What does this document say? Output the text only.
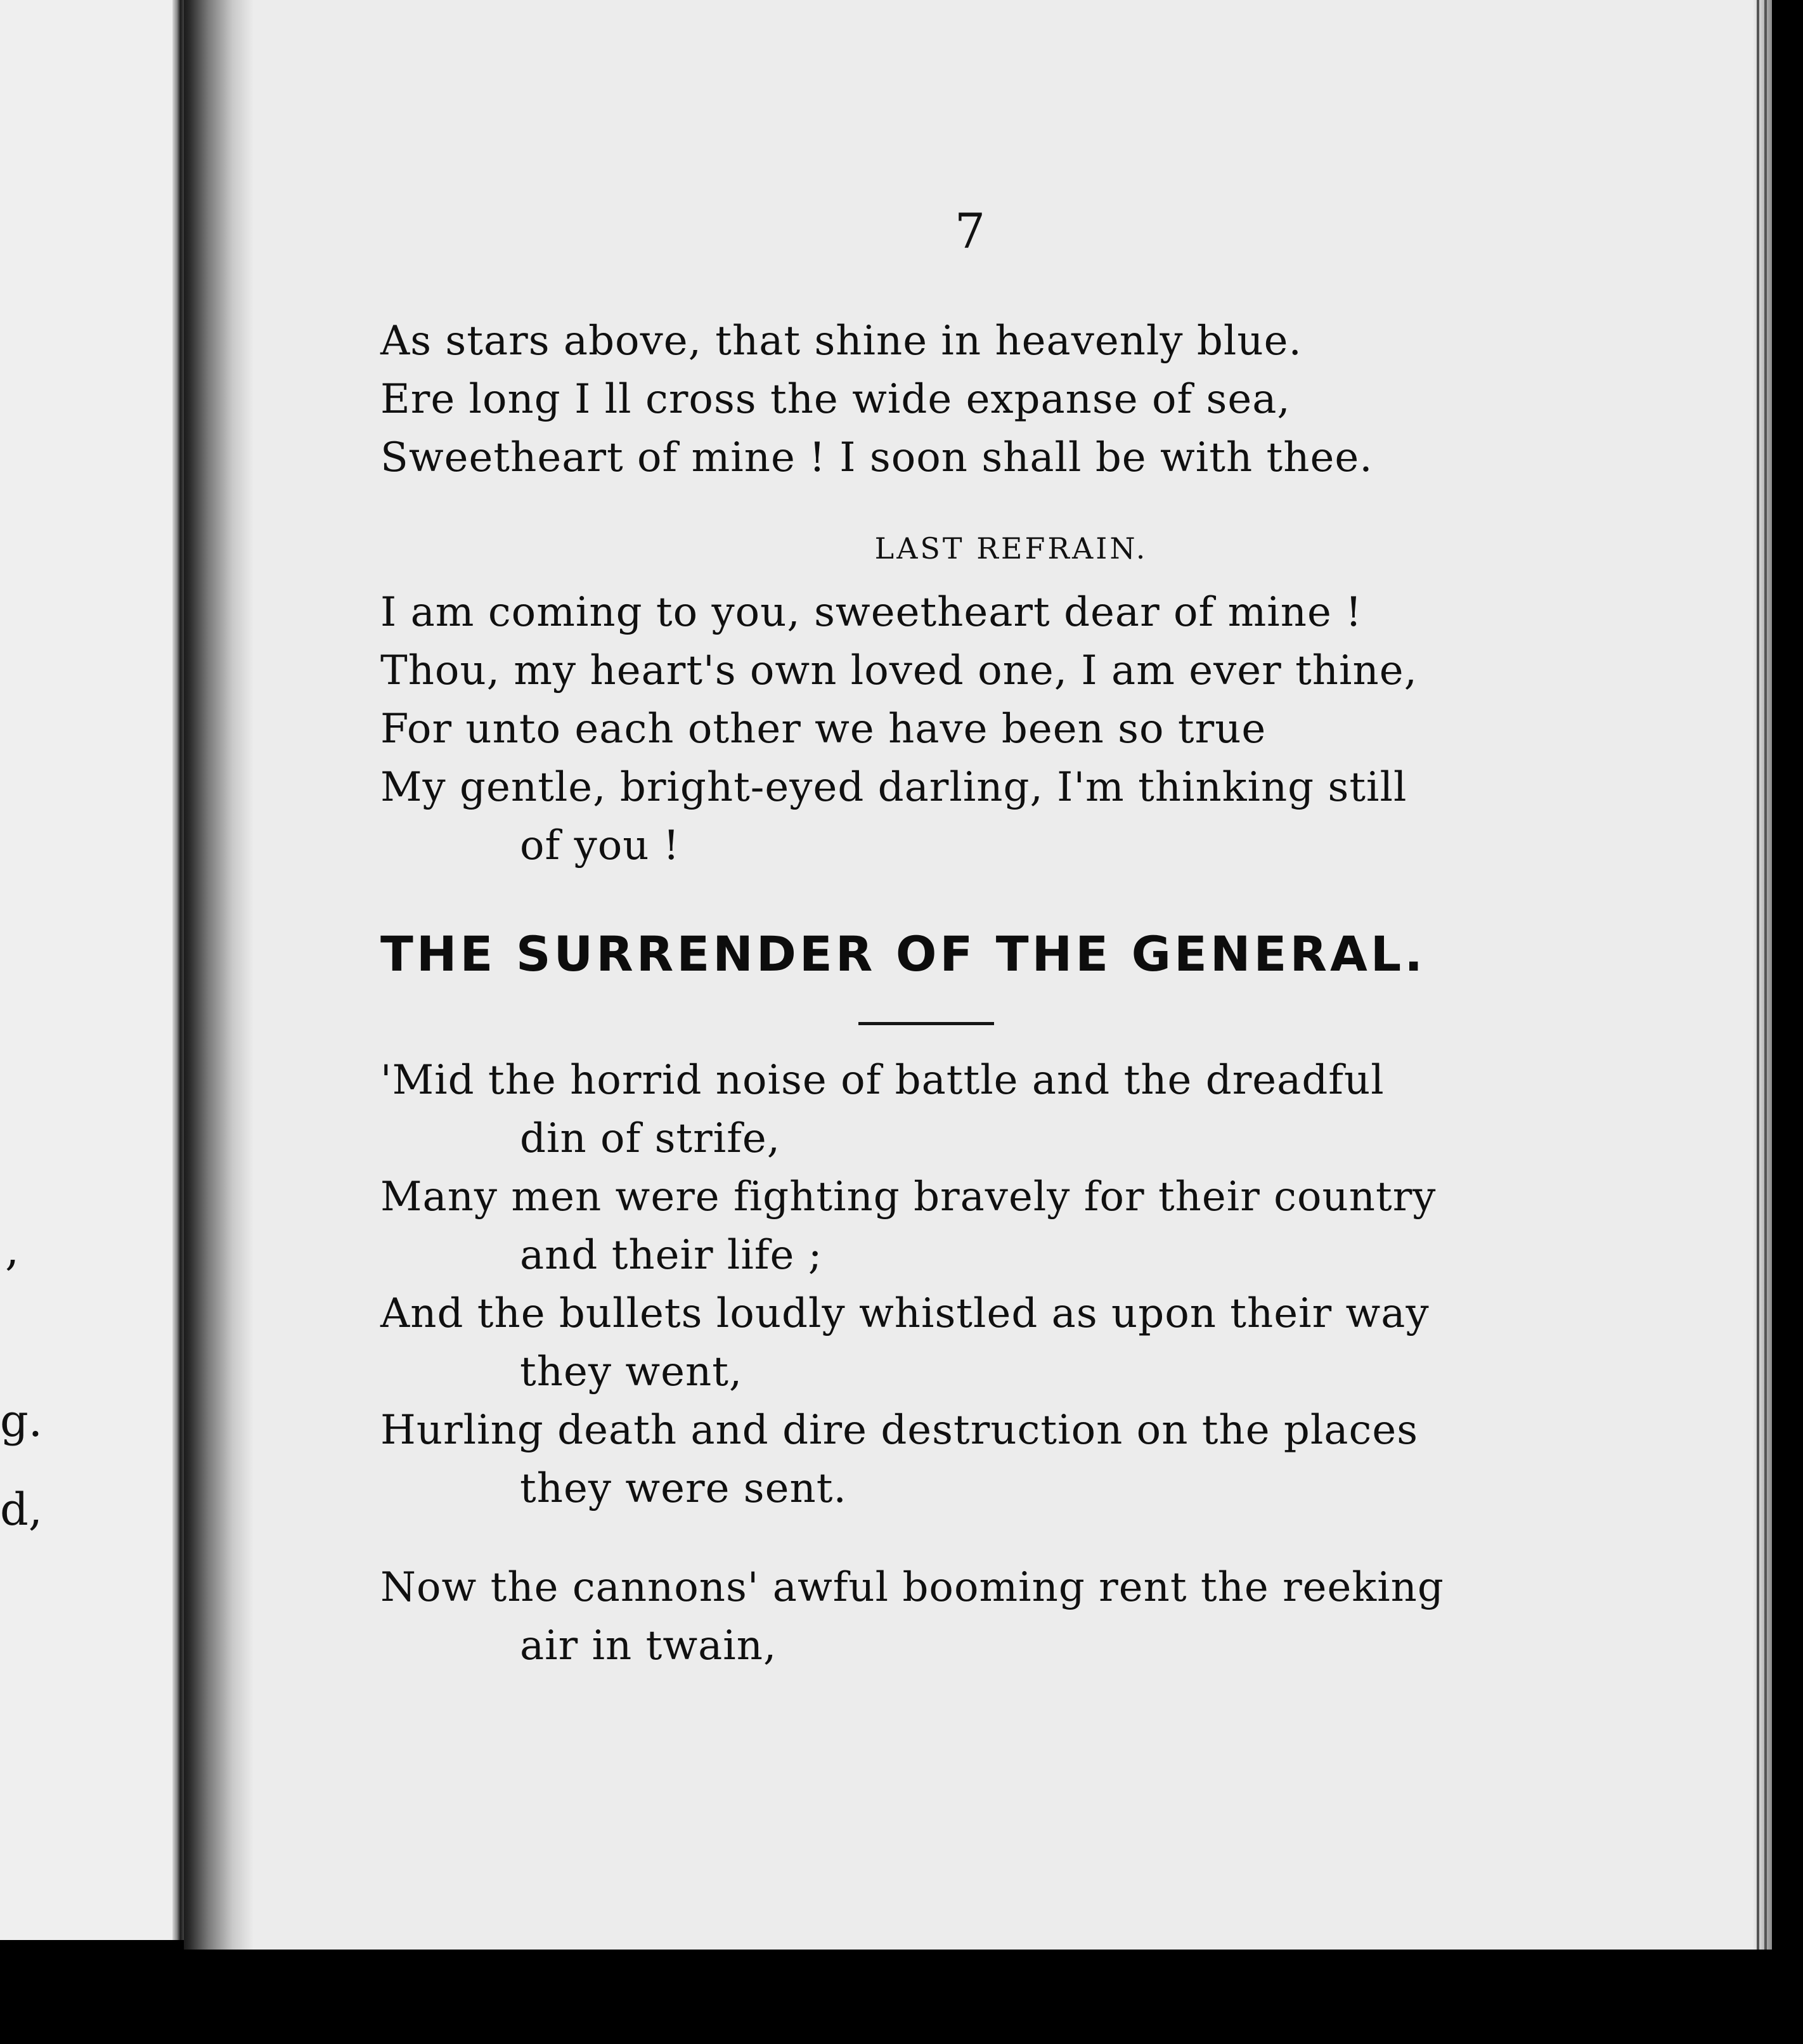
,
g.
d,
7
As stars above, that shine in heavenly blue.
Ere long I ll cross the wide expanse of sea,
Sweetheart of mine ! I soon shall be with thee.
LAST REFRAIN.
I am coming to you, sweetheart dear of mine !
Thou, my heart's own loved one, I am ever thine,
For unto each other we have been so true
My gentle, bright-eyed darling, I'm thinking still
of you !
THE SURRENDER OF THE GENERAL.
'Mid the horrid noise of battle and the dreadful
din of strife,
Many men were fighting bravely for their country
and their life ;
And the bullets loudly whistled as upon their way
they went,
Hurling death and dire destruction on the places
they were sent.
Now the cannons' awful booming rent the reeking
air in twain,
